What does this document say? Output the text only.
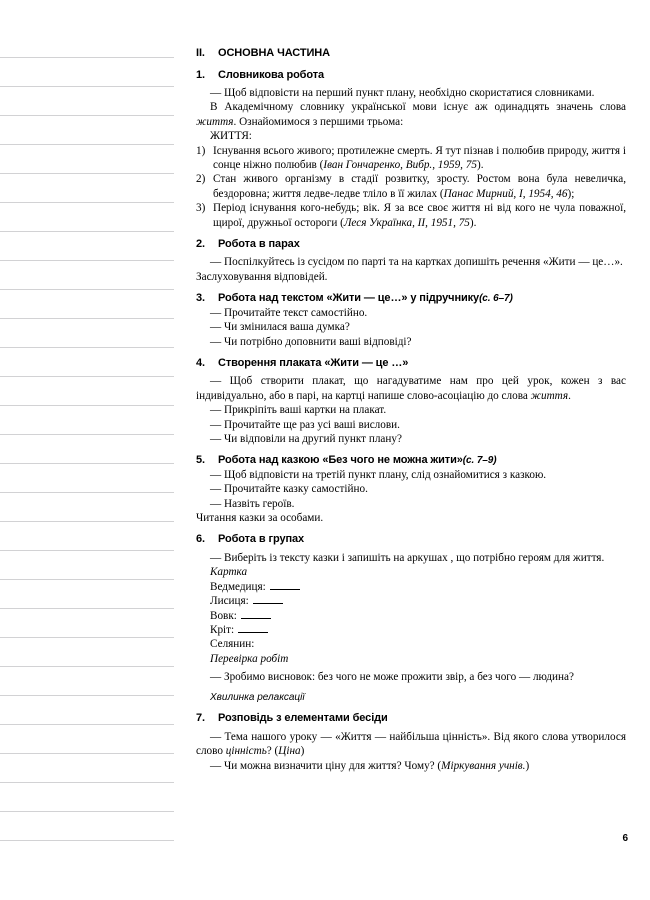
II. ОСНОВНА ЧАСТИНА
1. Словникова робота

— Щоб відповісти на перший пункт плану, необхідно скористатися словниками.

В Академічному словнику української мови існує аж одинадцять значень слова життя. Ознайомимося з першими трьома:

ЖИТТЯ:

1) Існування всього живого; протилежне смерть. Я тут пізнав і полюбив природу, життя і сонце ніжно полюбив (Іван Гончаренко, Вибр., 1959, 75).
2) Стан живого організму в стадії розвитку, зросту. Ростом вона була невеличка, бездоровна; життя ледве-ледве тліло в її жилах (Панас Мирний, I, 1954, 46);
3) Період існування кого-небудь; вік. Я за все своє життя ні від кого не чула поважної, щирої, дружньої остороги (Леся Українка, II, 1951, 75).
2. Робота в парах

— Поспілкуйтесь із сусідом по парті та на картках допишіть речення «Жити — це…».

Заслуховування відповідей.

3. Робота над текстом «Жити — це…» у підручнику(с. 6–7)

— Прочитайте текст самостійно.

— Чи змінилася ваша думка?

— Чи потрібно доповнити ваші відповіді?

4. Створення плаката «Жити — це …»

— Щоб створити плакат, що нагадуватиме нам про цей урок, кожен з вас індивідуально, або в парі, на картці напише слово-асоціацію до слова життя.

— Прикріпіть ваші картки на плакат.

— Прочитайте ще раз усі ваші вислови.

— Чи відповіли на другий пункт плану?

5. Робота над казкою «Без чого не можна жити»(с. 7–9)

— Щоб відповісти на третій пункт плану, слід ознайомитися з казкою.

— Прочитайте казку самостійно.

— Назвіть героїв.

Читання казки за особами.

6. Робота в групах

— Виберіть із тексту казки і запишіть на аркушах , що потрібно героям для життя.

Картка

Ведмедиця:

Лисиця:

Вовк:

Кріт:

Селянин:

Перевірка робіт

— Зробимо висновок: без чого не може прожити звір, а без чого — людина?

Хвилинка релаксації

7. Розповідь з елементами бесіди

— Тема нашого уроку — «Життя — найбільша цінність». Від якого слова утворилося слово цінність? (Ціна)

— Чи можна визначити ціну для життя? Чому? (Міркування учнів.)

6
